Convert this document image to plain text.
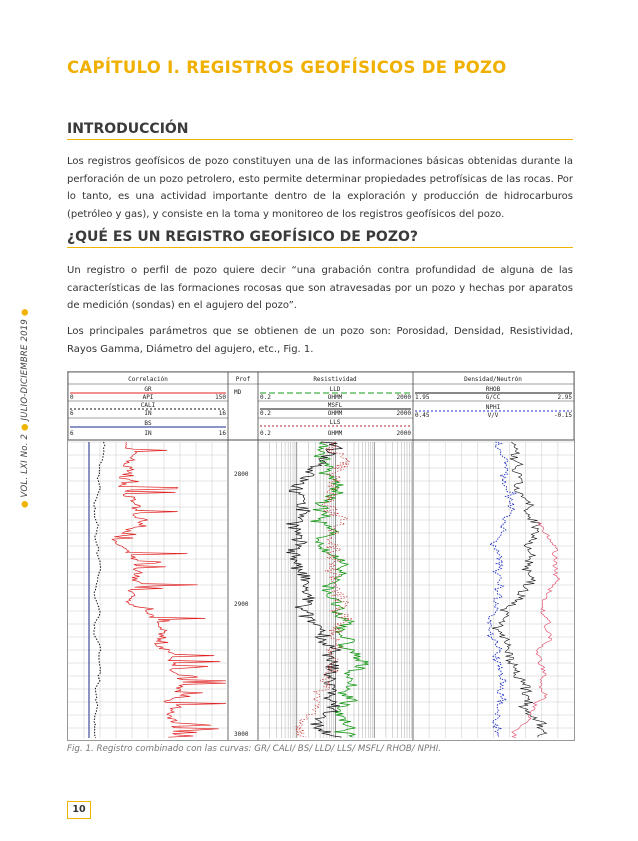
● VOL. LXI No. 2 ● JULIO-DICIEMBRE 2019 ●
CAPÍTULO I. REGISTROS GEOFÍSICOS DE POZO
INTRODUCCIÓN
Los registros geofísicos de pozo constituyen una de las informaciones básicas obtenidas durante la perforación de un pozo petrolero, esto permite determinar propiedades petrofísicas de las rocas. Por lo tanto, es una actividad importante dentro de la exploración y producción de hidrocarburos (petróleo y gas), y consiste en la toma y monitoreo de los registros geofísicos del pozo.
¿QUÉ ES UN REGISTRO GEOFÍSICO DE POZO?
Un registro o perfil de pozo quiere decir “una grabación contra profundidad de alguna de las características de las formaciones rocosas que son atravesadas por un pozo y hechas por aparatos de medición (sondas) en el agujero del pozo”.
Los principales parámetros que se obtienen de un pozo son: Porosidad, Densidad, Resistividad, Rayos Gamma, Diámetro del agujero, etc., Fig. 1.
Correlación	Prof	Resistividad	Densidad/Neutrón
MD
GR
0	API	150
CALI
6	IN	16
BS
6	IN	16
LLD
0.2	OHMM	2000
MSFL
0.2	OHMM	2000
LLS
0.2	OHMM	2000
RHOB
1.95	G/CC	2.95
NPHI
0.45	V/V	-0.15
2800
2900
3000
Fig. 1. Registro combinado con las curvas: GR/ CALI/ BS/ LLD/ LLS/ MSFL/ RHOB/ NPHI.
10
